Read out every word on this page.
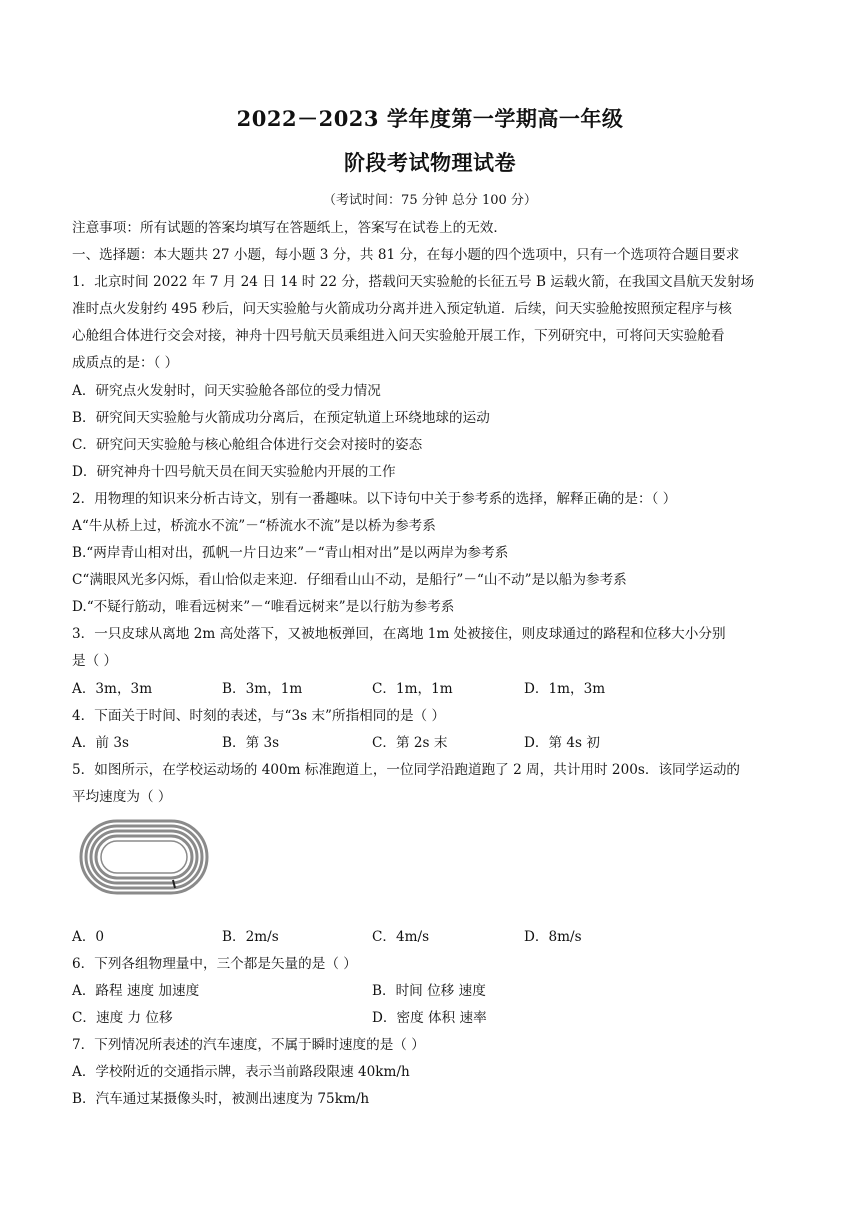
2022－2023 学年度第一学期高一年级
阶段考试物理试卷
（考试时间：75 分钟 总分 100 分）
注意事项：所有试题的答案均填写在答题纸上，答案写在试卷上的无效．
一、选择题：本大题共 27 小题，每小题 3 分，共 81 分，在每小题的四个选项中，只有一个选项符合题目要求
1．北京时间 2022 年 7 月 24 日 14 时 22 分，搭载问天实验舱的长征五号 B 运载火箭，在我国文昌航天发射场
准时点火发射约 495 秒后，问天实验舱与火箭成功分离并进入预定轨道．后续，问天实验舱按照预定程序与核
心舱组合体进行交会对接，神舟十四号航天员乘组进入问天实验舱开展工作，下列研究中，可将问天实验舱看
成质点的是：（ ）
A．研究点火发射时，问天实验舱各部位的受力情况
B．研究间天实验舱与火箭成功分离后，在预定轨道上环绕地球的运动
C．研究问天实验舱与核心舱组合体进行交会对接时的姿态
D．研究神舟十四号航天员在间天实验舱内开展的工作
2．用物理的知识来分析古诗文，别有一番趣味。以下诗句中关于参考系的选择，解释正确的是：（ ）
A“牛从桥上过，桥流水不流”－“桥流水不流”是以桥为参考系
B.“两岸青山相对出，孤帆一片日边来”－“青山相对出”是以两岸为参考系
C“满眼风光多闪烁，看山恰似走来迎．仔细看山山不动，是船行”－“山不动”是以船为参考系
D.“不疑行筋动，唯看远树来”－“唯看远树来”是以行舫为参考系
3．一只皮球从离地 2m 高处落下，又被地板弹回，在离地 1m 处被接住，则皮球通过的路程和位移大小分别
是（ ）
A．3m，3m	B．3m，1m	C．1m，1m	D．1m，3m
4．下面关于时间、时刻的表述，与“3s 末”所指相同的是（ ）
A．前 3s	B．第 3s	C．第 2s 末	D．第 4s 初
5．如图所示，在学校运动场的 400m 标准跑道上，一位同学沿跑道跑了 2 周，共计用时 200s．该同学运动的
平均速度为（ ）
A．0	B．2m/s	C．4m/s	D．8m/s
6．下列各组物理量中，三个都是矢量的是（ ）
A．路程 速度 加速度	B．时间 位移 速度
C．速度 力 位移	D．密度 体积 速率
7．下列情况所表述的汽车速度，不属于瞬时速度的是（ ）
A．学校附近的交通指示牌，表示当前路段限速 40km/h
B．汽车通过某摄像头时，被测出速度为 75km/h
